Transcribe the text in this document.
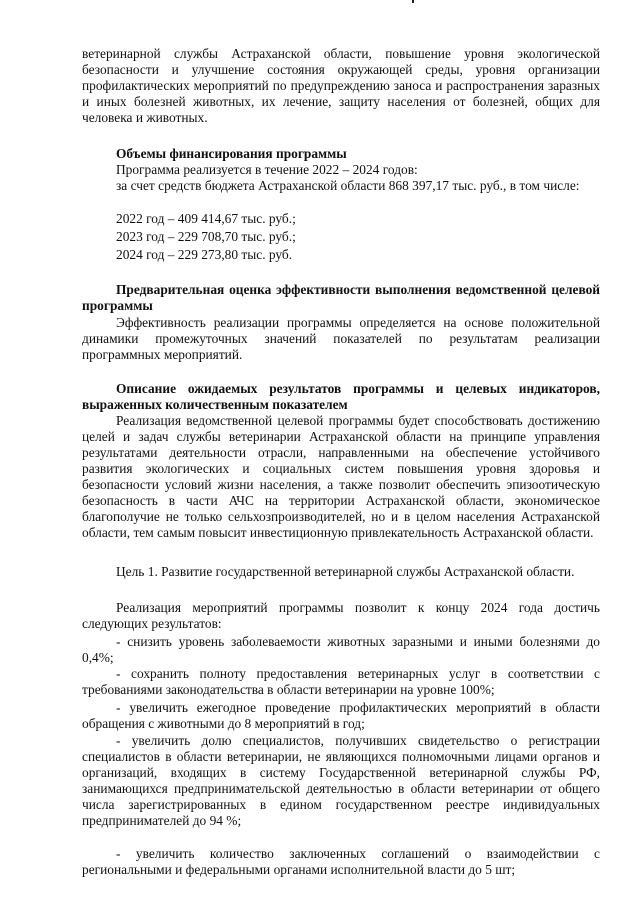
ветеринарной службы Астраханской области, повышение уровня экологической безопасности и улучшение состояния окружающей среды, уровня организации профилактических мероприятий по предупреждению заноса и распространения заразных и иных болезней животных, их лечение, защиту населения от болезней, общих для человека и животных.
Объемы финансирования программы
Программа реализуется в течение 2022 – 2024 годов:
за счет средств бюджета Астраханской области 868 397,17 тыс. руб., в том числе:
2022 год – 409 414,67 тыс. руб.;
2023 год – 229 708,70 тыс. руб.;
2024 год – 229 273,80 тыс. руб.
Предварительная оценка эффективности выполнения ведомственной целевой программы
Эффективность реализации программы определяется на основе положительной динамики промежуточных значений показателей по результатам реализации программных мероприятий.
Описание ожидаемых результатов программы и целевых индикаторов, выраженных количественным показателем
Реализация ведомственной целевой программы будет способствовать достижению целей и задач службы ветеринарии Астраханской области на принципе управления результатами деятельности отрасли, направленными на обеспечение устойчивого развития экологических и социальных систем повышения уровня здоровья и безопасности условий жизни населения, а также позволит обеспечить эпизоотическую безопасность в части АЧС на территории Астраханской области, экономическое благополучие не только сельхозпроизводителей, но и в целом населения Астраханской области, тем самым повысит инвестиционную привлекательность Астраханской области.
Цель 1. Развитие государственной ветеринарной службы Астраханской области.
Реализация мероприятий программы позволит к концу 2024 года достичь следующих результатов:
- снизить уровень заболеваемости животных заразными и иными болезнями до 0,4%;
- сохранить полноту предоставления ветеринарных услуг в соответствии с требованиями законодательства в области ветеринарии на уровне 100%;
- увеличить ежегодное проведение профилактических мероприятий в области обращения с животными до 8 мероприятий в год;
- увеличить долю специалистов, получивших свидетельство о регистрации специалистов в области ветеринарии, не являющихся полномочными лицами органов и организаций, входящих в систему Государственной ветеринарной службы РФ, занимающихся предпринимательской деятельностью в области ветеринарии от общего числа зарегистрированных в едином государственном реестре индивидуальных предпринимателей до 94 %;
- увеличить количество заключенных соглашений о взаимодействии с региональными и федеральными органами исполнительной власти до 5 шт;
